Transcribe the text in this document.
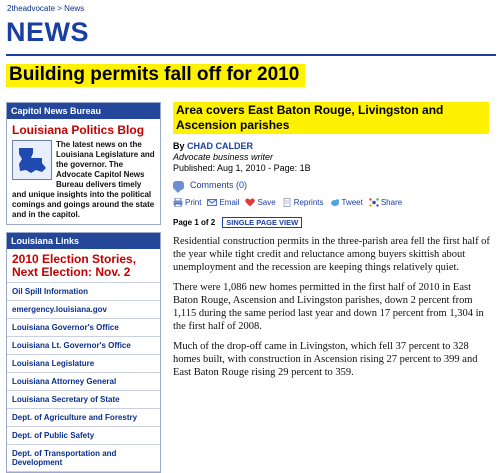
2theadvocate > News
NEWS
Building permits fall off for 2010
Capitol News Bureau
Louisiana Politics Blog
The latest news on the Louisiana Legislature and the governor. The Advocate Capitol News Bureau delivers timely and unique insights into the political comings and goings around the state and in the capitol.
Louisiana Links
2010 Election Stories, Next Election: Nov. 2
Oil Spill Information
emergency.louisiana.gov
Louisiana Governor's Office
Louisiana Lt. Governor's Office
Louisiana Legislature
Louisiana Attorney General
Louisiana Secretary of State
Dept. of Agriculture and Forestry
Dept. of Public Safety
Dept. of Transportation and Development
Area covers East Baton Rouge, Livingston and Ascension parishes
By CHAD CALDER
Advocate business writer
Published: Aug 1, 2010 - Page: 1B
Comments (0)
Print Email Save Reprints Tweet Share
Page 1 of 2	SINGLE PAGE VIEW

Residential construction permits in the three-parish area fell the first half of the year while tight credit and reluctance among buyers skittish about unemployment and the recession are keeping things relatively quiet.

There were 1,086 new homes permitted in the first half of 2010 in East Baton Rouge, Ascension and Livingston parishes, down 2 percent from 1,115 during the same period last year and down 17 percent from 1,304 in the first half of 2008.

Much of the drop-off came in Livingston, which fell 37 percent to 328 homes built, with construction in Ascension rising 27 percent to 399 and East Baton Rouge rising 29 percent to 359.
